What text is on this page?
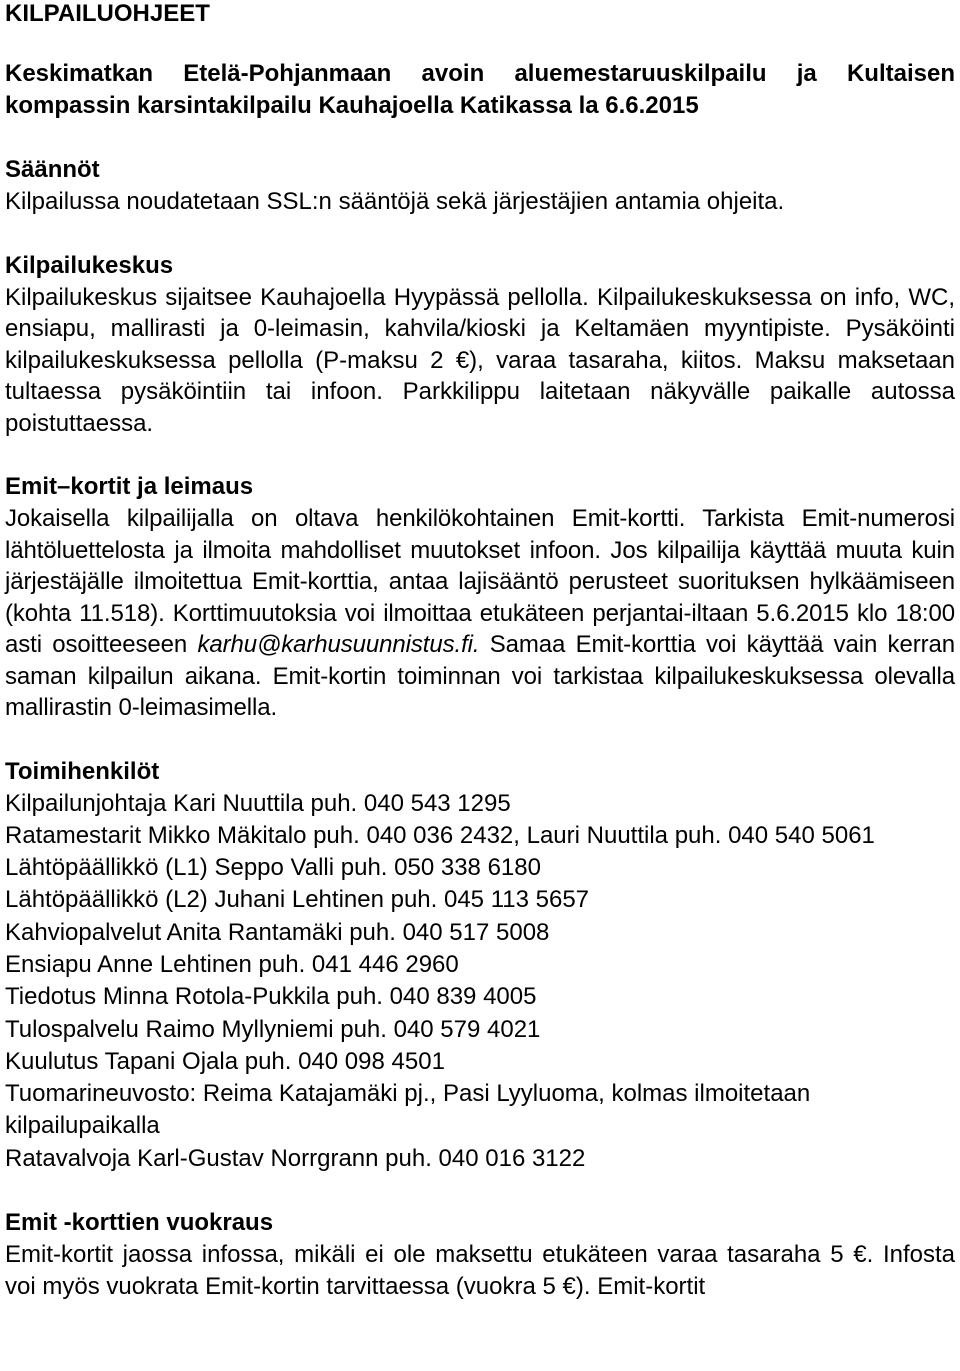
KILPAILUOHJEET

Keskimatkan Etelä-Pohjanmaan avoin aluemestaruuskilpailu ja Kultaisen kompassin karsintakilpailu Kauhajoella Katikassa la 6.6.2015

Säännöt

Kilpailussa noudatetaan SSL:n sääntöjä sekä järjestäjien antamia ohjeita.

Kilpailukeskus

Kilpailukeskus sijaitsee Kauhajoella Hyypässä pellolla. Kilpailukeskuksessa on info, WC, ensiapu, mallirasti ja 0-leimasin, kahvila/kioski ja Keltamäen myyntipiste. Pysäköinti kilpailukeskuksessa pellolla (P-maksu 2 €), varaa tasaraha, kiitos. Maksu maksetaan tultaessa pysäköintiin tai infoon. Parkkilippu laitetaan näkyvälle paikalle autossa poistuttaessa.

Emit–kortit ja leimaus

Jokaisella kilpailijalla on oltava henkilökohtainen Emit-kortti. Tarkista Emit-numerosi lähtöluettelosta ja ilmoita mahdolliset muutokset infoon. Jos kilpailija käyttää muuta kuin järjestäjälle ilmoitettua Emit-korttia, antaa lajisääntö perusteet suorituksen hylkäämiseen (kohta 11.518). Korttimuutoksia voi ilmoittaa etukäteen perjantai-iltaan 5.6.2015 klo 18:00 asti osoitteeseen karhu@karhusuunnistus.fi. Samaa Emit-korttia voi käyttää vain kerran saman kilpailun aikana. Emit-kortin toiminnan voi tarkistaa kilpailukeskuksessa olevalla mallirastin 0-leimasimella.

Toimihenkilöt
Kilpailunjohtaja Kari Nuuttila puh. 040 543 1295
Ratamestarit Mikko Mäkitalo puh. 040 036 2432, Lauri Nuuttila puh. 040 540 5061
Lähtöpäällikkö (L1) Seppo Valli puh. 050 338 6180
Lähtöpäällikkö (L2) Juhani Lehtinen puh. 045 113 5657
Kahviopalvelut Anita Rantamäki puh. 040 517 5008
Ensiapu Anne Lehtinen puh. 041 446 2960
Tiedotus Minna Rotola-Pukkila puh. 040 839 4005
Tulospalvelu Raimo Myllyniemi puh. 040 579 4021
Kuulutus Tapani Ojala puh. 040 098 4501
Tuomarineuvosto: Reima Katajamäki pj., Pasi Lyyluoma, kolmas ilmoitetaan kilpailupaikalla
Ratavalvoja Karl-Gustav Norrgrann puh. 040 016 3122
Emit -korttien vuokraus

Emit-kortit jaossa infossa, mikäli ei ole maksettu etukäteen varaa tasaraha 5 €. Infosta voi myös vuokrata Emit-kortin tarvittaessa (vuokra 5 €). Emit-kortit
